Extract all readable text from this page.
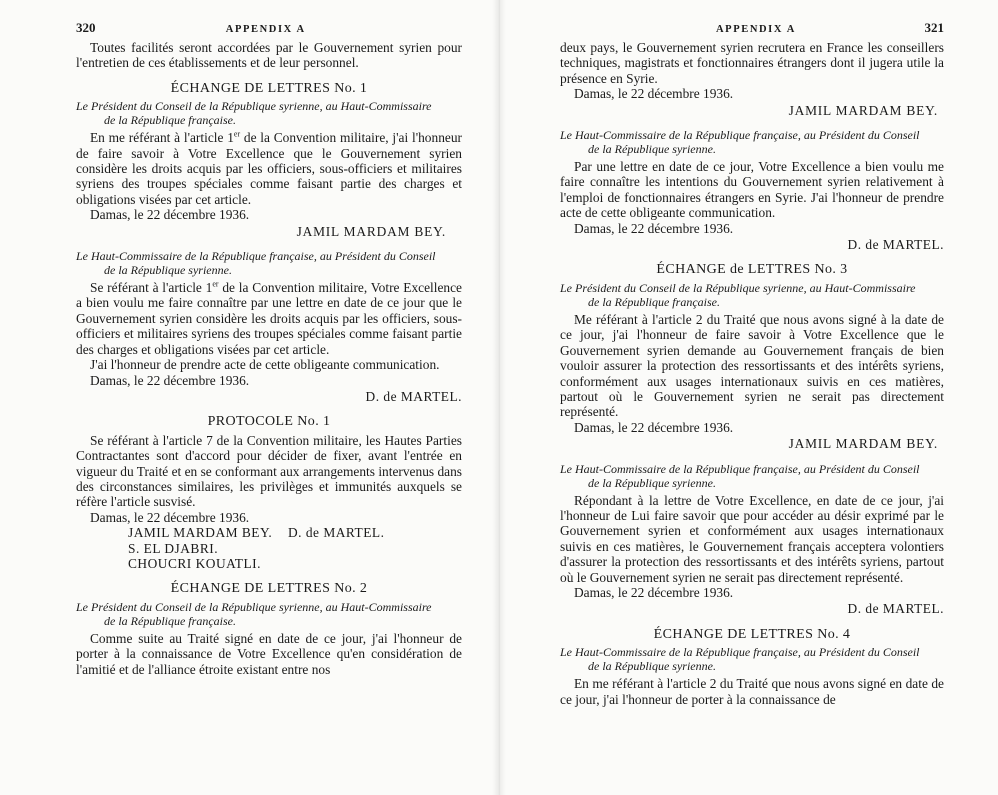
320	APPENDIX A

Toutes facilités seront accordées par le Gouvernement syrien pour l'entretien de ces établissements et de leur personnel.

ÉCHANGE DE LETTRES No. 1
Le Président du Conseil de la République syrienne, au Haut-Commissaire
de la République française.

En me référant à l'article 1er de la Convention militaire, j'ai l'honneur de faire savoir à Votre Excellence que le Gouvernement syrien considère les droits acquis par les officiers, sous-officiers et militaires syriens des troupes spéciales comme faisant partie des charges et obligations visées par cet article.

Damas, le 22 décembre 1936.
JAMIL MARDAM BEY.
Le Haut-Commissaire de la République française, au Président du Conseil
de la République syrienne.

Se référant à l'article 1er de la Convention militaire, Votre Excellence a bien voulu me faire connaître par une lettre en date de ce jour que le Gouvernement syrien considère les droits acquis par les officiers, sous-officiers et militaires syriens des troupes spéciales comme faisant partie des charges et obligations visées par cet article.

J'ai l'honneur de prendre acte de cette obligeante communication.

Damas, le 22 décembre 1936.
D. de MARTEL.
PROTOCOLE No. 1

Se référant à l'article 7 de la Convention militaire, les Hautes Parties Contractantes sont d'accord pour décider de fixer, avant l'entrée en vigueur du Traité et en se conformant aux arrangements intervenus dans des circonstances similaires, les privilèges et immunités auxquels se réfère l'article susvisé.

Damas, le 22 décembre 1936.
JAMIL MARDAM BEY.
S. EL DJABRI.
CHOUCRI KOUATLI.
D. de MARTEL.
ÉCHANGE DE LETTRES No. 2
Le Président du Conseil de la République syrienne, au Haut-Commissaire
de la République française.

Comme suite au Traité signé en date de ce jour, j'ai l'honneur de porter à la connaissance de Votre Excellence qu'en considération de l'amitié et de l'alliance étroite existant entre nos

APPENDIX A	321

deux pays, le Gouvernement syrien recrutera en France les conseillers techniques, magistrats et fonctionnaires étrangers dont il jugera utile la présence en Syrie.

Damas, le 22 décembre 1936.
JAMIL MARDAM BEY.
Le Haut-Commissaire de la République française, au Président du Conseil
de la République syrienne.

Par une lettre en date de ce jour, Votre Excellence a bien voulu me faire connaître les intentions du Gouvernement syrien relativement à l'emploi de fonctionnaires étrangers en Syrie. J'ai l'honneur de prendre acte de cette obligeante communication.

Damas, le 22 décembre 1936.
D. de MARTEL.
ÉCHANGE de LETTRES No. 3
Le Président du Conseil de la République syrienne, au Haut-Commissaire
de la République française.

Me référant à l'article 2 du Traité que nous avons signé à la date de ce jour, j'ai l'honneur de faire savoir à Votre Excellence que le Gouvernement syrien demande au Gouvernement français de bien vouloir assurer la protection des ressortissants et des intérêts syriens, conformément aux usages internationaux suivis en ces matières, partout où le Gouvernement syrien ne serait pas directement représenté.

Damas, le 22 décembre 1936.
JAMIL MARDAM BEY.
Le Haut-Commissaire de la République française, au Président du Conseil
de la République syrienne.

Répondant à la lettre de Votre Excellence, en date de ce jour, j'ai l'honneur de Lui faire savoir que pour accéder au désir exprimé par le Gouvernement syrien et conformément aux usages internationaux suivis en ces matières, le Gouvernement français acceptera volontiers d'assurer la protection des ressortissants et des intérêts syriens, partout où le Gouvernement syrien ne serait pas directement représenté.

Damas, le 22 décembre 1936.
D. de MARTEL.
ÉCHANGE DE LETTRES No. 4
Le Haut-Commissaire de la République française, au Président du Conseil
de la République syrienne.

En me référant à l'article 2 du Traité que nous avons signé en date de ce jour, j'ai l'honneur de porter à la connaissance de
